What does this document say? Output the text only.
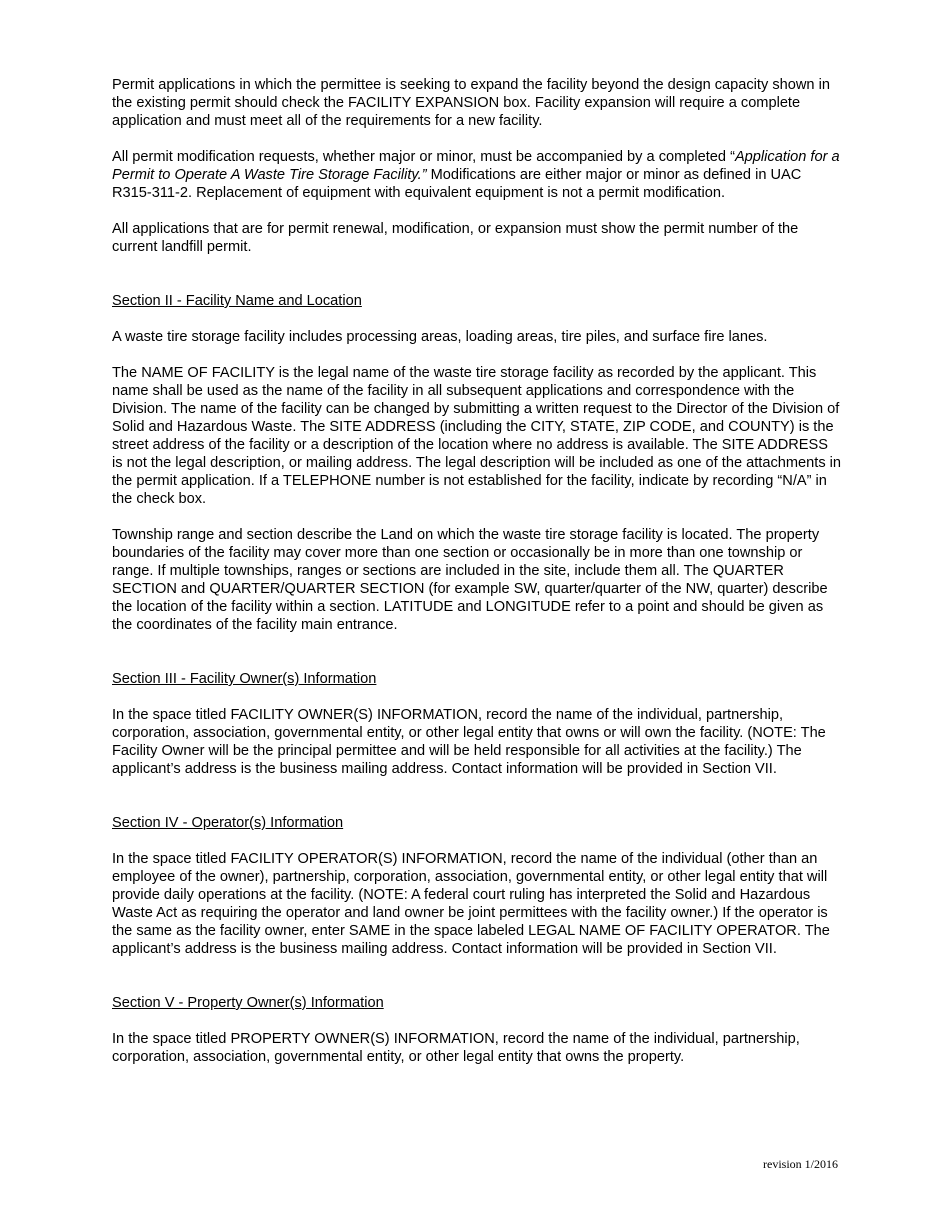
Permit applications in which the permittee is seeking to expand the facility beyond the design capacity shown in the existing permit should check the FACILITY EXPANSION box. Facility expansion will require a complete application and must meet all of the requirements for a new facility.

All permit modification requests, whether major or minor, must be accompanied by a completed “Application for a Permit to Operate A Waste Tire Storage Facility.” Modifications are either major or minor as defined in UAC R315-311-2. Replacement of equipment with equivalent equipment is not a permit modification.

All applications that are for permit renewal, modification, or expansion must show the permit number of the current landfill permit.

Section II - Facility Name and Location

A waste tire storage facility includes processing areas, loading areas, tire piles, and surface fire lanes.

The NAME OF FACILITY is the legal name of the waste tire storage facility as recorded by the applicant. This name shall be used as the name of the facility in all subsequent applications and correspondence with the Division. The name of the facility can be changed by submitting a written request to the Director of the Division of Solid and Hazardous Waste. The SITE ADDRESS (including the CITY, STATE, ZIP CODE, and COUNTY) is the street address of the facility or a description of the location where no address is available. The SITE ADDRESS is not the legal description, or mailing address. The legal description will be included as one of the attachments in the permit application. If a TELEPHONE number is not established for the facility, indicate by recording “N/A” in the check box.

Township range and section describe the Land on which the waste tire storage facility is located. The property boundaries of the facility may cover more than one section or occasionally be in more than one township or range. If multiple townships, ranges or sections are included in the site, include them all. The QUARTER SECTION and QUARTER/QUARTER SECTION (for example SW, quarter/quarter of the NW, quarter) describe the location of the facility within a section. LATITUDE and LONGITUDE refer to a point and should be given as the coordinates of the facility main entrance.

Section III - Facility Owner(s) Information

In the space titled FACILITY OWNER(S) INFORMATION, record the name of the individual, partnership, corporation, association, governmental entity, or other legal entity that owns or will own the facility. (NOTE: The Facility Owner will be the principal permittee and will be held responsible for all activities at the facility.) The applicant’s address is the business mailing address. Contact information will be provided in Section VII.

Section IV - Operator(s) Information

In the space titled FACILITY OPERATOR(S) INFORMATION, record the name of the individual (other than an employee of the owner), partnership, corporation, association, governmental entity, or other legal entity that will provide daily operations at the facility. (NOTE: A federal court ruling has interpreted the Solid and Hazardous Waste Act as requiring the operator and land owner be joint permittees with the facility owner.) If the operator is the same as the facility owner, enter SAME in the space labeled LEGAL NAME OF FACILITY OPERATOR. The applicant’s address is the business mailing address. Contact information will be provided in Section VII.

Section V - Property Owner(s) Information

In the space titled PROPERTY OWNER(S) INFORMATION, record the name of the individual, partnership, corporation, association, governmental entity, or other legal entity that owns the property.

revision 1/2016
